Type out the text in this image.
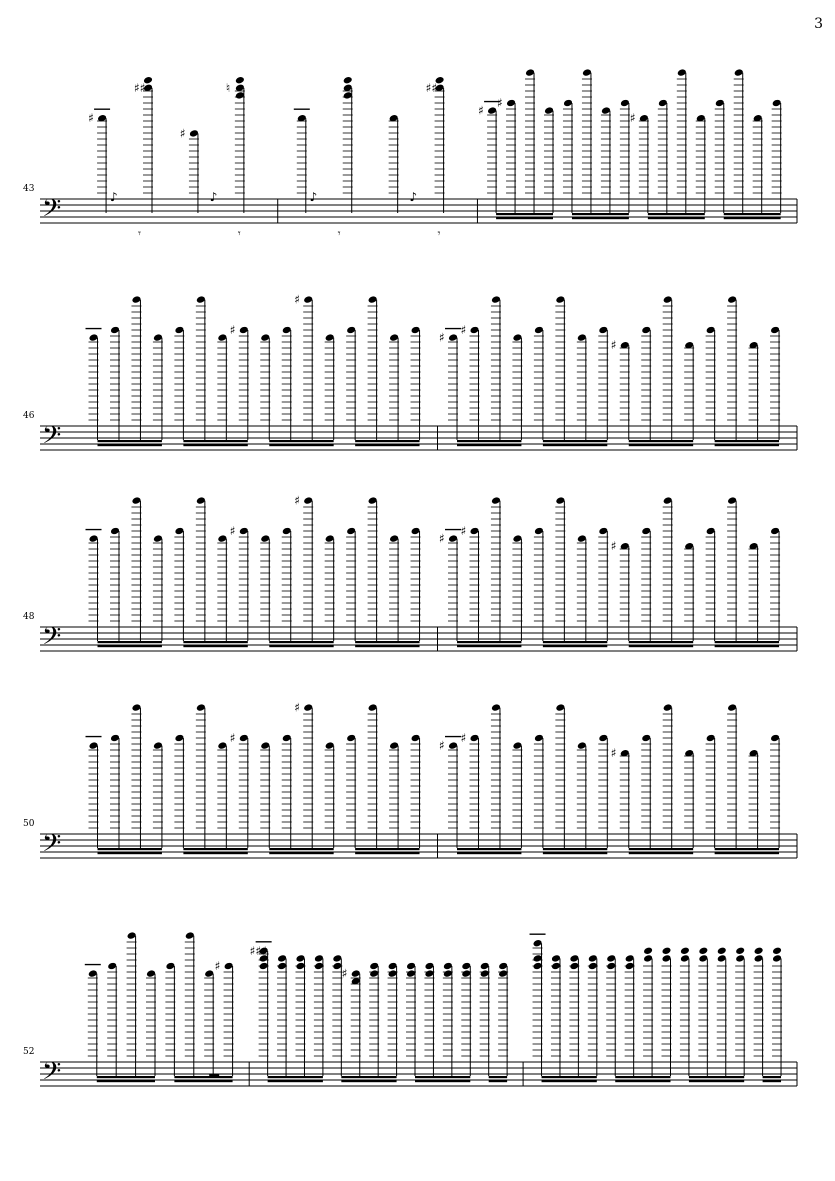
3
𝄢
43
♯
♯♯
♯
♮
𝄾
♪
𝄾
♪
♯♯
𝄾
♪
𝄾
♪
♯
♯
♯
𝄢
46
♯
♯
♯
♯
♯
𝄢
48
♯
♯
♯
♯
♯
𝄢
50
♯
♯
♯
♯
♯
𝄢
52
♯
♯♯♯
♯
